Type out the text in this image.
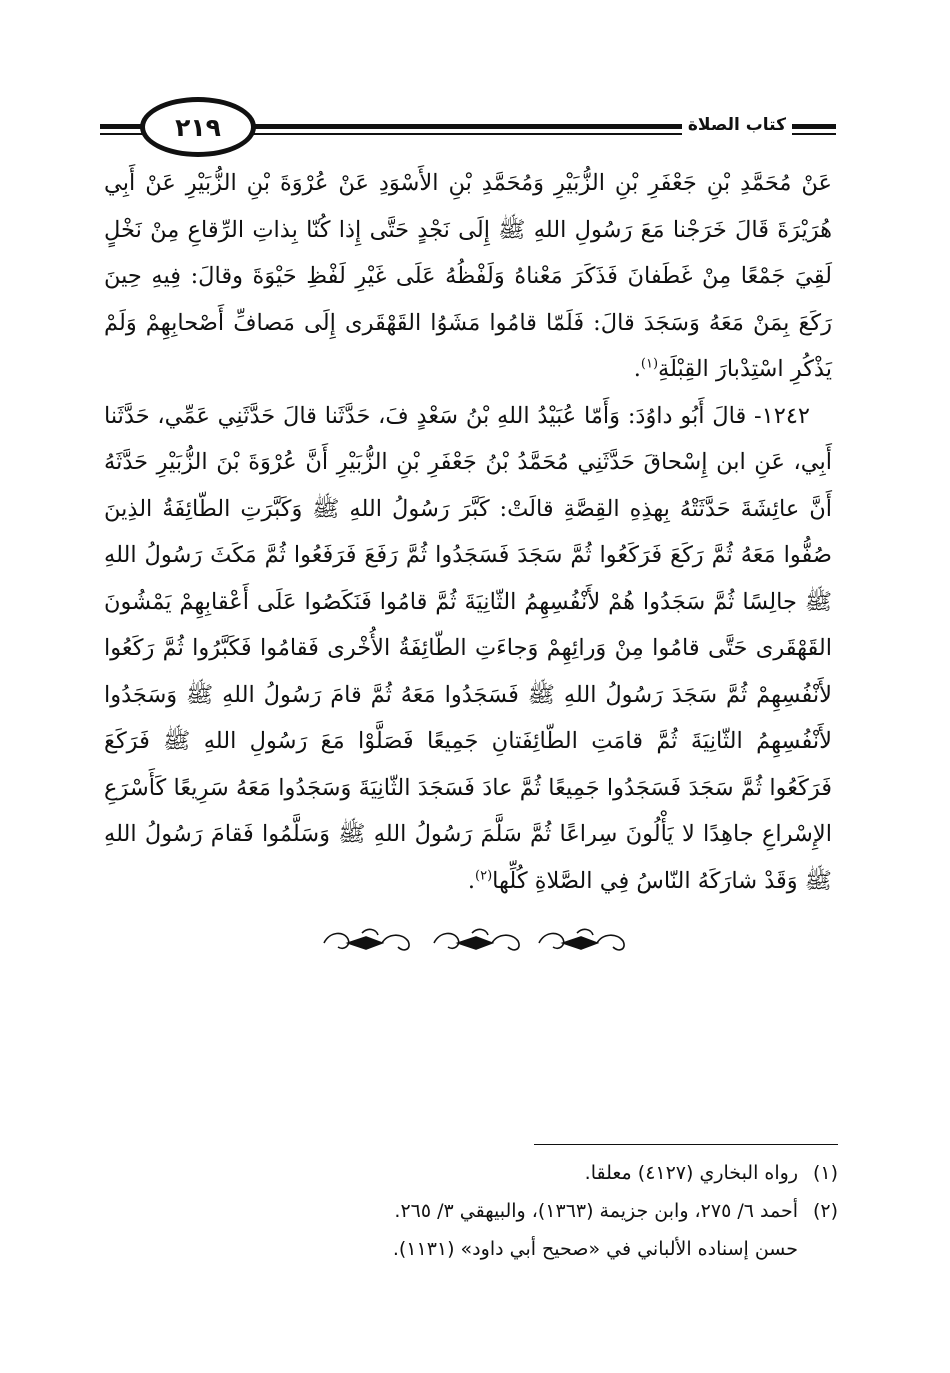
كتاب الصلاة
٢١٩

عَنْ مُحَمَّدِ بْنِ جَعْفَرِ بْنِ الزُّبَيْرِ وَمُحَمَّدِ بْنِ الأَسْوَدِ عَنْ عُرْوَةَ بْنِ الزُّبَيْرِ عَنْ أَبِي هُرَيْرَةَ قَالَ خَرَجْنا مَعَ رَسُولِ اللهِ ﷺ إِلَى نَجْدٍ حَتَّى إِذا كُنّا بِذاتِ الرِّقاعِ مِنْ نَخْلٍ لَقِيَ جَمْعًا مِنْ غَطَفانَ فَذَكَرَ مَعْناهُ وَلَفْظُهُ عَلَى غَيْرِ لَفْظِ حَيْوَةَ وقالَ: فِيهِ حِينَ رَكَعَ بِمَنْ مَعَهُ وَسَجَدَ قالَ: فَلَمّا قامُوا مَشَوُا القَهْقَرى إِلَى مَصافِّ أَصْحابِهِمْ وَلَمْ يَذْكُرِ اسْتِدْبارَ القِبْلَةِ$^{(١)}$.

١٢٤٢- قالَ أَبُو داوُدَ: وَأَمّا عُبَيْدُ اللهِ بْنُ سَعْدٍ فَ، حَدَّثَنا قالَ حَدَّثَنِي عَمِّي، حَدَّثَنا أَبِي، عَنِ ابن إِسْحاقَ حَدَّثَنِي مُحَمَّدُ بْنُ جَعْفَرِ بْنِ الزُّبَيْرِ أَنَّ عُرْوَةَ بْنَ الزُّبَيْرِ حَدَّثَهُ أَنَّ عائِشَةَ حَدَّثَتْهُ بِهذِهِ القِصَّةِ قالَتْ: كَبَّرَ رَسُولُ اللهِ ﷺ وَكَبَّرَتِ الطّائِفَةُ الذِينَ صُفُّوا مَعَهُ ثُمَّ رَكَعَ فَرَكَعُوا ثُمَّ سَجَدَ فَسَجَدُوا ثُمَّ رَفَعَ فَرَفَعُوا ثُمَّ مَكَثَ رَسُولُ اللهِ ﷺ جالِسًا ثُمَّ سَجَدُوا هُمْ لأَنْفُسِهِمُ الثّانِيَةَ ثُمَّ قامُوا فَنَكَصُوا عَلَى أَعْقابِهِمْ يَمْشُونَ القَهْقَرى حَتَّى قامُوا مِنْ وَرائِهِمْ وَجاءَتِ الطّائِفَةُ الأُخْرى فَقامُوا فَكَبَّرُوا ثُمَّ رَكَعُوا لأَنْفُسِهِمْ ثُمَّ سَجَدَ رَسُولُ اللهِ ﷺ فَسَجَدُوا مَعَهُ ثُمَّ قامَ رَسُولُ اللهِ ﷺ وَسَجَدُوا لأَنْفُسِهِمُ الثّانِيَةَ ثُمَّ قامَتِ الطّائِفَتانِ جَمِيعًا فَصَلَّوْا مَعَ رَسُولِ اللهِ ﷺ فَرَكَعَ فَرَكَعُوا ثُمَّ سَجَدَ فَسَجَدُوا جَمِيعًا ثُمَّ عادَ فَسَجَدَ الثّانِيَةَ وَسَجَدُوا مَعَهُ سَرِيعًا كَأَسْرَعِ الإِسْراعِ جاهِدًا لا يَأْلُونَ سِراعًا ثُمَّ سَلَّمَ رَسُولُ اللهِ ﷺ وَسَلَّمُوا فَقامَ رَسُولُ اللهِ ﷺ وَقَدْ شارَكَهُ النّاسُ فِي الصَّلاةِ كُلِّها$^{(٢)}$.

(١)رواه البخاري (٤١٢٧) معلقا.
(٢)أحمد ٦/ ٢٧٥، وابن جزيمة (١٣٦٣)، والبيهقي ٣/ ٢٦٥.
حسن إسناده الألباني في «صحيح أبي داود» (١١٣١).
